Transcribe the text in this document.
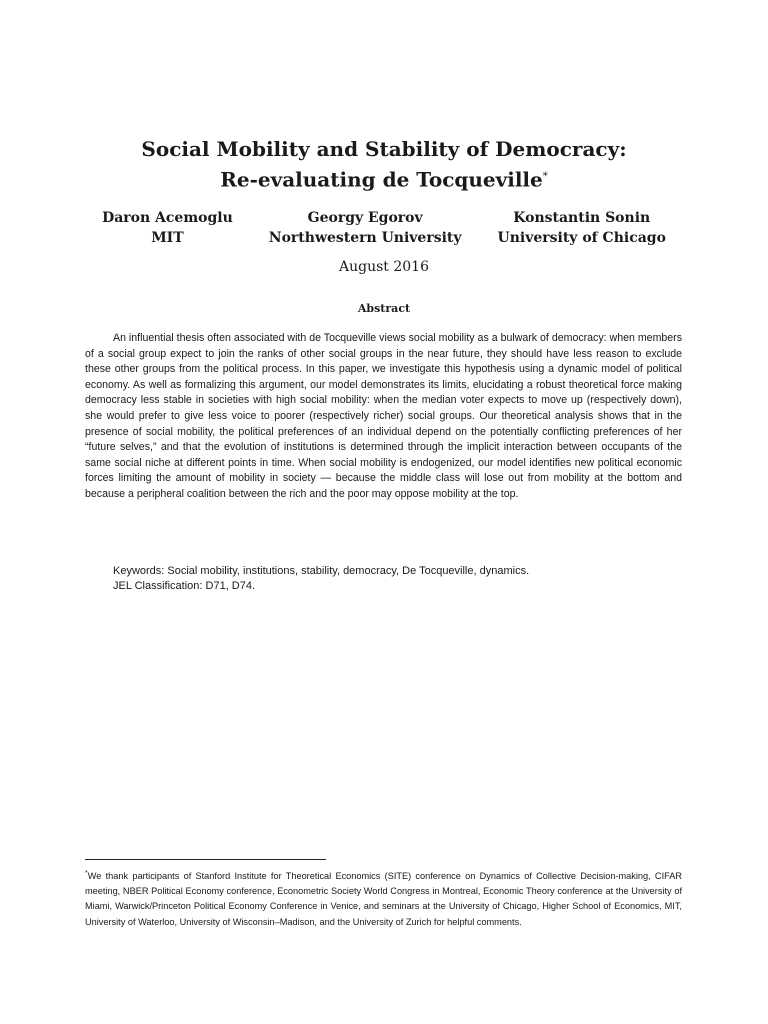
Social Mobility and Stability of Democracy:
Re-evaluating de Tocqueville*
Daron Acemoglu
MIT
Georgy Egorov
Northwestern University
Konstantin Sonin
University of Chicago
August 2016
Abstract

An influential thesis often associated with de Tocqueville views social mobility as a bulwark of democracy: when members of a social group expect to join the ranks of other social groups in the near future, they should have less reason to exclude these other groups from the political process. In this paper, we investigate this hypothesis using a dynamic model of political economy. As well as formalizing this argument, our model demonstrates its limits, elucidating a robust theoretical force making democracy less stable in societies with high social mobility: when the median voter expects to move up (respectively down), she would prefer to give less voice to poorer (respectively richer) social groups. Our theoretical analysis shows that in the presence of social mobility, the political preferences of an individual depend on the potentially conflicting preferences of her “future selves,” and that the evolution of institutions is determined through the implicit interaction between occupants of the same social niche at different points in time. When social mobility is endogenized, our model identifies new political economic forces limiting the amount of mobility in society — because the middle class will lose out from mobility at the bottom and because a peripheral coalition between the rich and the poor may oppose mobility at the top.

Keywords: Social mobility, institutions, stability, democracy, De Tocqueville, dynamics.

JEL Classification: D71, D74.

*We thank participants of Stanford Institute for Theoretical Economics (SITE) conference on Dynamics of Collective Decision-making, CIFAR meeting, NBER Political Economy conference, Econometric Society World Congress in Montreal, Economic Theory conference at the University of Miami, Warwick/Princeton Political Economy Conference in Venice, and seminars at the University of Chicago, Higher School of Economics, MIT, University of Waterloo, University of Wisconsin–Madison, and the University of Zurich for helpful comments.
